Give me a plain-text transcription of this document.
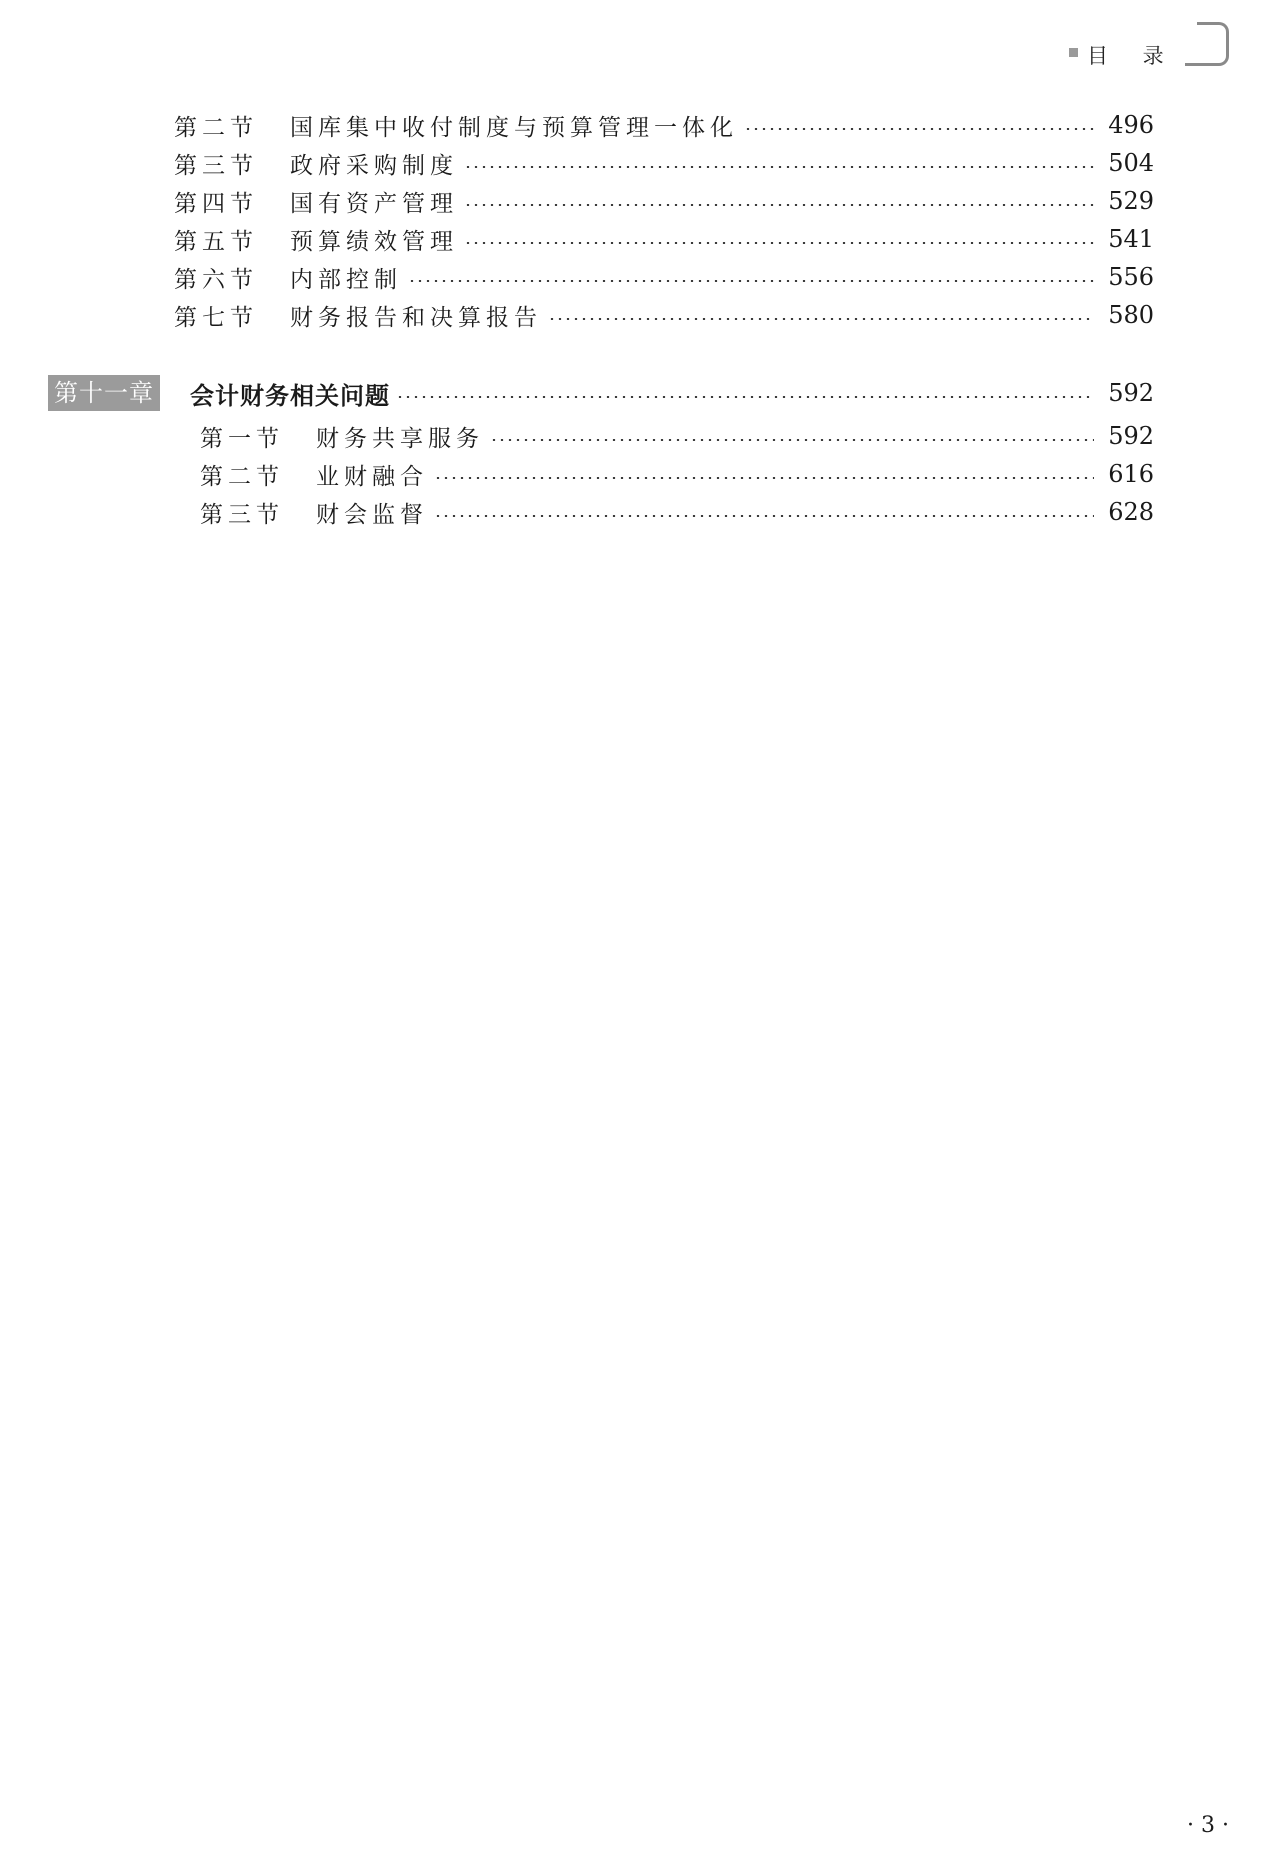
目 录
第二节	国库集中收付制度与预算管理一体化	496
第三节	政府采购制度	504
第四节	国有资产管理	529
第五节	预算绩效管理	541
第六节	内部控制	556
第七节	财务报告和决算报告	580
第十一章 会计财务相关问题	592
第一节	财务共享服务	592
第二节	业财融合	616
第三节	财会监督	628
· 3 ·
